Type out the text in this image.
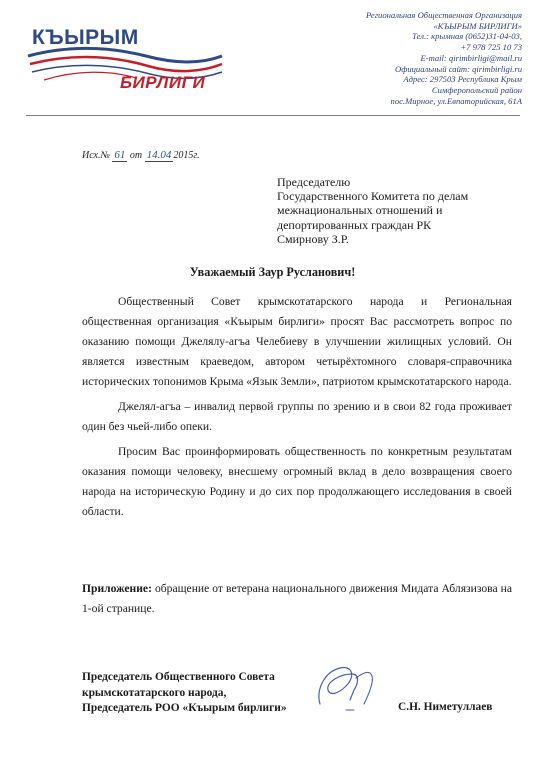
КЪЫРЫМ
БИРЛИГИ
Региональная Общественная Организация
«КЪЫРЫМ БИРЛИГИ»
Тел.: крымная (0652)31-04-03,
+7 978 725 10 73
E-mail: qirimbirligi@mail.ru
Официальный сайт: qirimbirligi.ru
Адрес: 297503 Республика Крым
Симферопольский район
пос.Мирное, ул.Евпаторийская, 61А
Исх.№ 61 от 14.04 2015г.
Председателю
Государственного Комитета по делам
межнациональных отношений и
депортированных граждан РК
Смирнову З.Р.
Уважаемый Заур Русланович!

Общественный Совет крымскотатарского народа и Региональная общественная организация «Къырым бирлиги» просят Вас рассмотреть вопрос по оказанию помощи Джелялу-агъа Челебиеву в улучшении жилищных условий. Он является известным краеведом, автором четырёхтомного словаря-справочника исторических топонимов Крыма «Язык Земли», патриотом крымскотатарского народа.

Джелял-агъа – инвалид первой группы по зрению и в свои 82 года проживает один без чьей-либо опеки.

Просим Вас проинформировать общественность по конкретным результатам оказания помощи человеку, внесшему огромный вклад в дело возвращения своего народа на историческую Родину и до сих пор продолжающего исследования в своей области.

Приложение: обращение от ветерана национального движения Мидата Аблязизова на 1-ой странице.
Председатель Общественного Совета
крымскотатарского народа,
Председатель РОО «Къырым бирлиги»	С.Н. Ниметуллаев
